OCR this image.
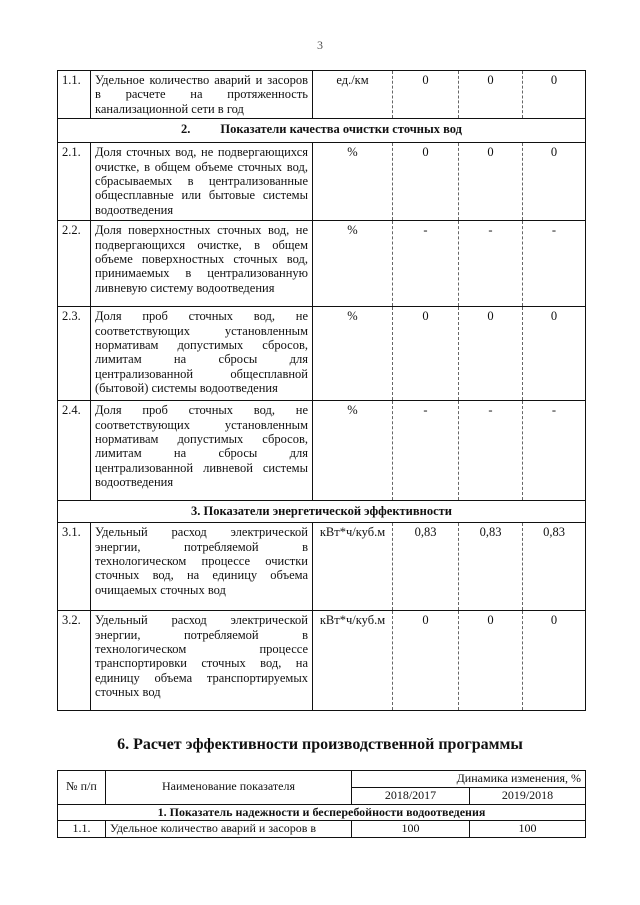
3
1.1.	Удельное количество аварий и засоров в расчете на протяженность канализационной сети в год	ед./км	0	0	0
2. Показатели качества очистки сточных вод					
2.1.	Доля сточных вод, не подвергающихся очистке, в общем объеме сточных вод, сбрасываемых в централизованные общесплавные или бытовые системы водоотведения	%	0	0	0
2.2.	Доля поверхностных сточных вод, не подвергающихся очистке, в общем объеме поверхностных сточных вод, принимаемых в централизованную ливневую систему водоотведения	%	-	-	-
2.3.	Доля проб сточных вод, не соответствующих установленным нормативам допустимых сбросов, лимитам на сбросы для централизованной общесплавной (бытовой) системы водоотведения	%	0	0	0
2.4.	Доля проб сточных вод, не соответствующих установленным нормативам допустимых сбросов, лимитам на сбросы для централизованной ливневой системы водоотведения	%	-	-	-
3. Показатели энергетической эффективности					
3.1.	Удельный расход электрической энергии, потребляемой в технологическом процессе очистки сточных вод, на единицу объема очищаемых сточных вод	кВт*ч/куб.м	0,83	0,83	0,83
3.2.	Удельный расход электрической энергии, потребляемой в технологическом процессе транспортировки сточных вод, на единицу объема транспортируемых сточных вод	кВт*ч/куб.м	0	0	0
6. Расчет эффективности производственной программы
№ п/п	Наименование показателя	Динамика изменения, %	
		2018/2017	2019/2018
1. Показатель надежности и бесперебойности водоотведения			
1.1.	Удельное количество аварий и засоров в	100	100
